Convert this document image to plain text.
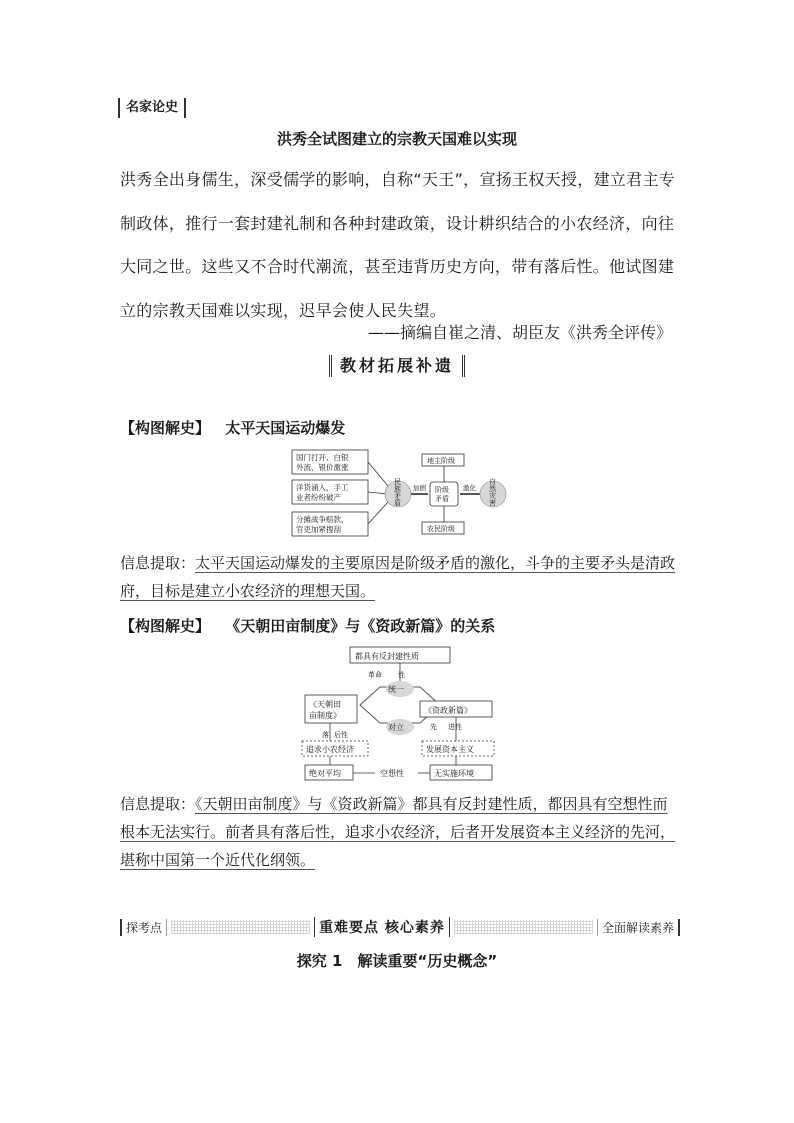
名家论史
洪秀全试图建立的宗教天国难以实现
洪秀全出身儒生，深受儒学的影响，自称“天王”，宣扬王权天授，建立君主专制政体，推行一套封建礼制和各种封建政策，设计耕织结合的小农经济，向往大同之世。这些又不合时代潮流，甚至违背历史方向，带有落后性。他试图建立的宗教天国难以实现，迟早会使人民失望。
——摘编自崔之清、胡臣友《洪秀全评传》
教材拓展补遗
【构图解史】 太平天国运动爆发
国门打开、白银外流、银价激涨
洋货涌入，手工业者纷纷破产
分摊战争赔款，官吏加紧搜刮
民族矛盾
加剧 阶级矛盾
地主阶级
农民阶级
激化
自然灾害
信息提取：太平天国运动爆发的主要原因是阶级矛盾的激化，斗争的主要矛头是清政府，目标是建立小农经济的理想天国。
【构图解史】 《天朝田亩制度》与《资政新篇》的关系
都具有反封建性质
革命 性
统一
对立
《天朝田亩制度》
《资政新篇》
落 后性
先 进性
追求小农经济	发展资本主义
绝对平均	空想性	无实施环境
信息提取：《天朝田亩制度》与《资政新篇》都具有反封建性质，都因具有空想性而根本无法实行。前者具有落后性，追求小农经济，后者开发展资本主义经济的先河，堪称中国第一个近代化纲领。
探考点	重难要点 核心素养	全面解读素养
探究 1　解读重要“历史概念”
